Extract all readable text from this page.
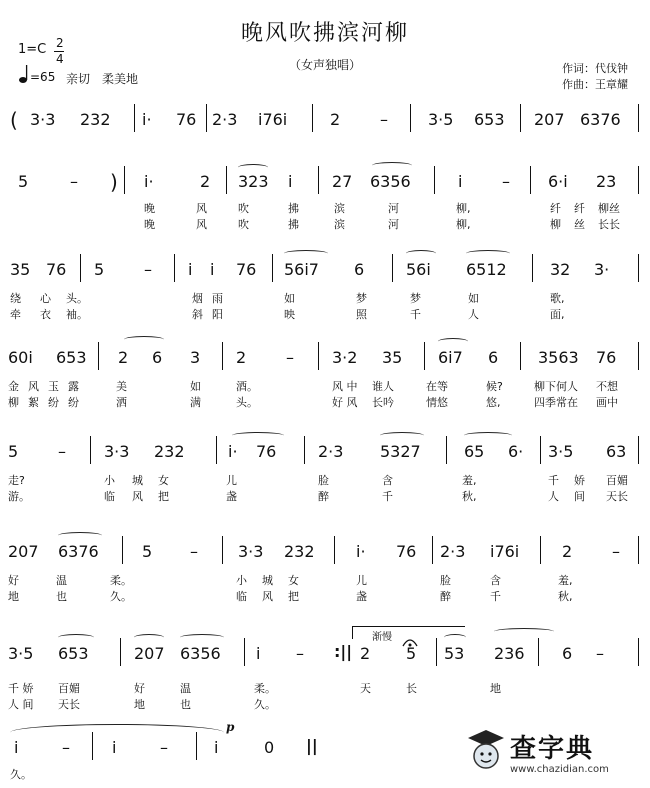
晚风吹拂滨河柳
（女声独唱）
1=C 2
4
=65 亲切　柔美地
作词：代伐钟
作曲：王章耀
( 3·3 232 i· 76 2·3 i76i	2 –	3·5 653 207 6376
5	– ) i·	2 323 i 27 6356	i – 6·i 23
晚	风	吹	拂	滨	河	柳,	纤 纤 柳丝
晚	风	吹	拂	滨	河	柳,	柳 丝 长长
35 76 5 – i i 76 56i7 6	56i 6512	32 3·
绕 心 头。	烟 雨	如	梦	梦	如	歌,
牵 衣 袖。	斜 阳	映	照	千	人	面,
60i 653 2 6 3 2 – 3·2 35 6i7 6 3563 76
金 风 玉 露	美	如	酒。	风 中 谁人	在等	候?	柳下何人 不想
柳 絮 纷 纷	洒	满	头。	好 风 长吟	情悠	悠,	四季常在 画中
5 – 3·3 232	i· 76	2·3 5327	65 6· 3·5 63
走?	小 城 女	儿	脸	含	羞,	千 娇 百媚
游。	临 风 把	盏	醉	千	秋,	人 间 天长
207 6376	5 –	3·3 232	i· 76 2·3 i76i	2 –
好	温	柔。	小 城 女	儿	脸	含	羞,
地	也	久。	临 风 把	盏	醉	千	秋,
3·5 653	207 6356 i – :||
渐慢
2 5 53 236 6 –
千 娇 百媚	好	温	柔。	天	长	地
人 间 天长	地	也	久。
p
i	–	i	–	i	0 ||
久。
查字典
www.chazidian.com
